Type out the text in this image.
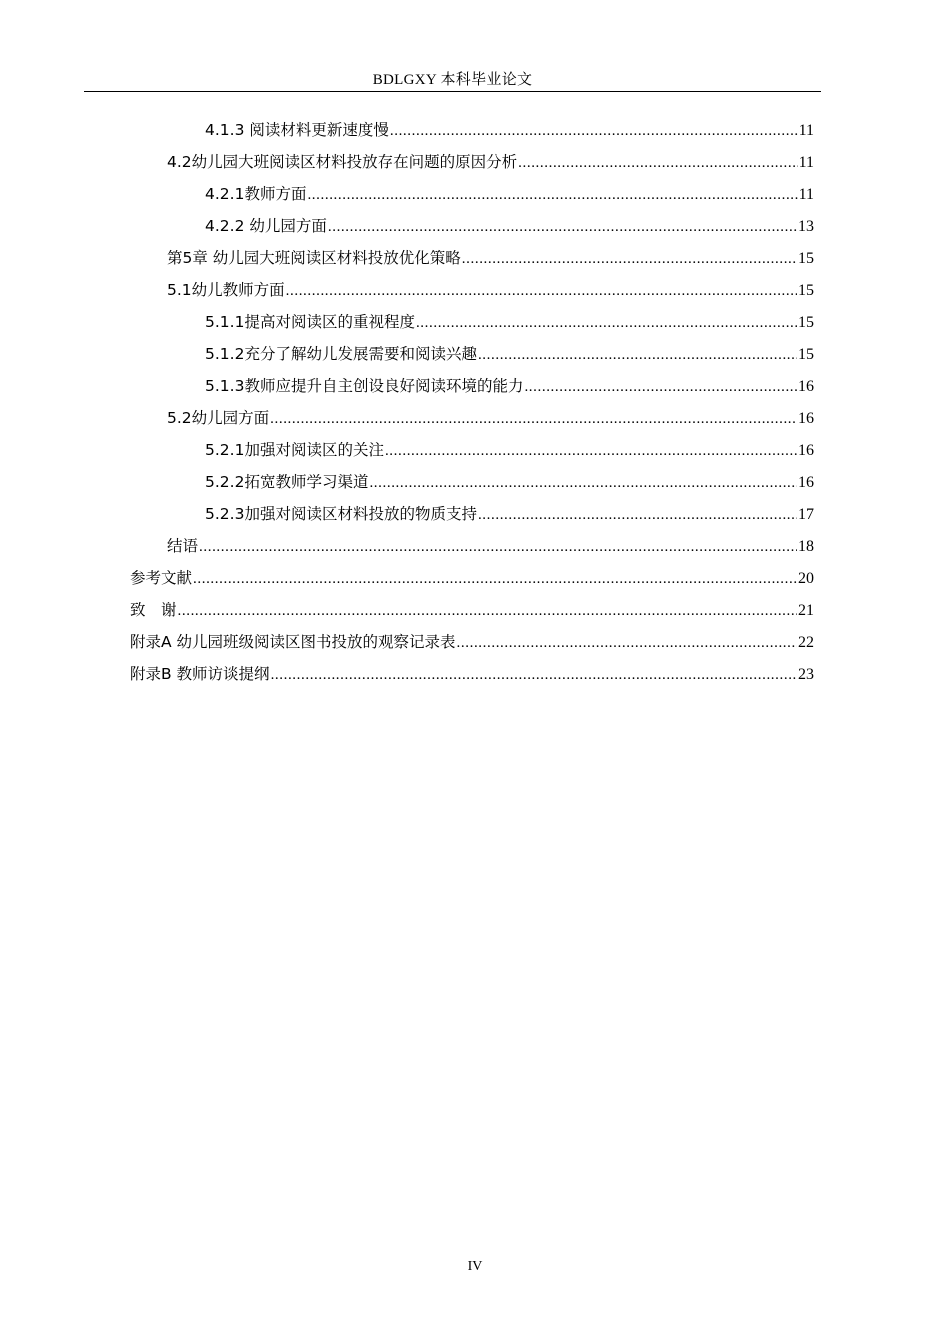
BDLGXY 本科毕业论文
4.1.3 阅读材料更新速度慢 .....	11
4.2幼儿园大班阅读区材料投放存在问题的原因分析 .....	11
4.2.1教师方面 .....	11
4.2.2 幼儿园方面 .....	13
第5章 幼儿园大班阅读区材料投放优化策略 .....	15
5.1幼儿教师方面 .....	15
5.1.1提高对阅读区的重视程度 .....	15
5.1.2充分了解幼儿发展需要和阅读兴趣 .....	15
5.1.3教师应提升自主创设良好阅读环境的能力 .....	16
5.2幼儿园方面 .....	16
5.2.1加强对阅读区的关注 .....	16
5.2.2拓宽教师学习渠道 .....	16
5.2.3加强对阅读区材料投放的物质支持 .....	17
结语 .....	18
参考文献 .....	20
致　谢 .....	21
附录A 幼儿园班级阅读区图书投放的观察记录表 .....	22
附录B 教师访谈提纲 .....	23
IV
